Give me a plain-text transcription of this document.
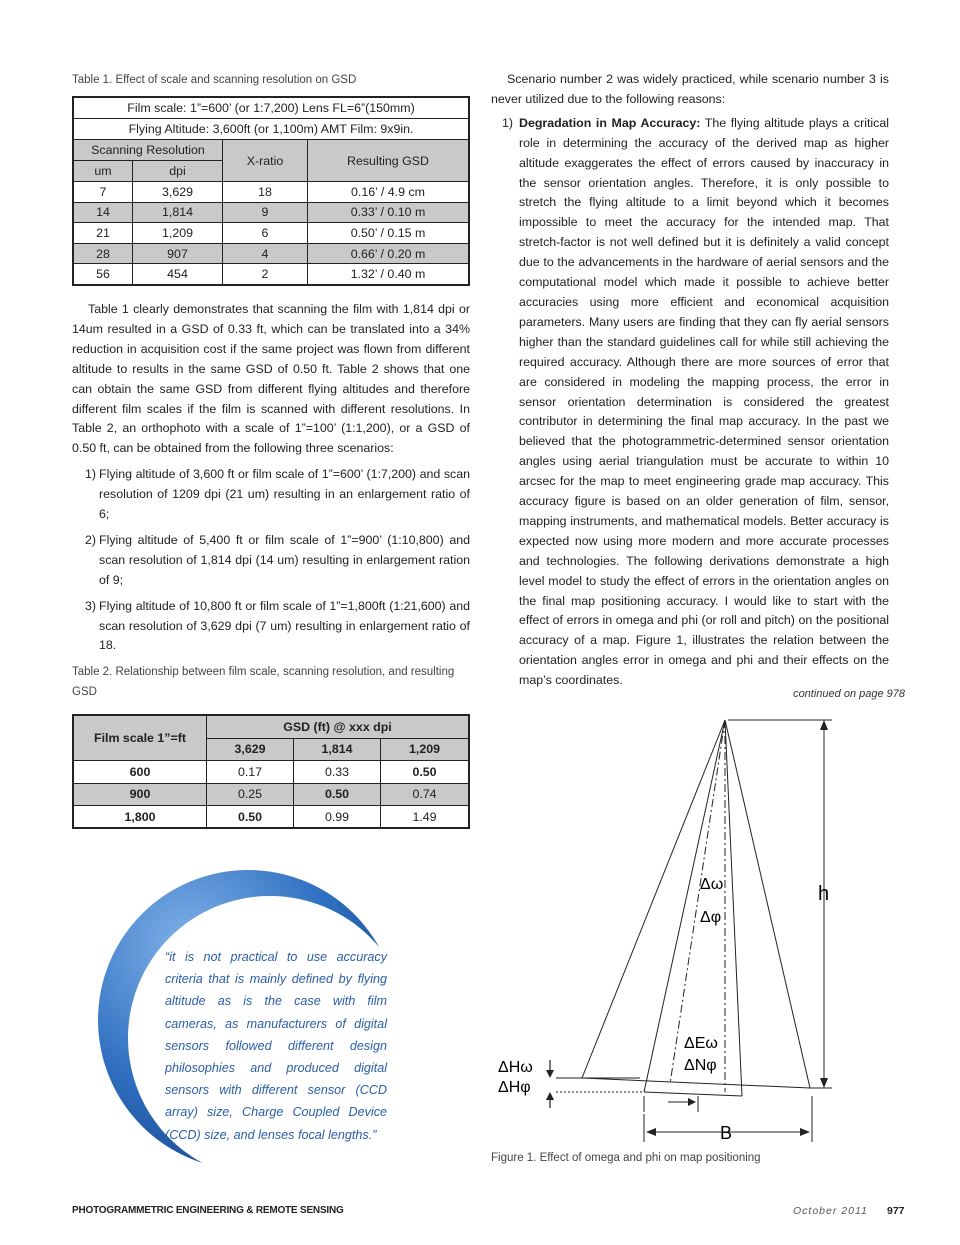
Table 1. Effect of scale and scanning resolution on GSD
Film scale: 1”=600’ (or 1:7,200) Lens FL=6”(150mm)			
Flying Altitude: 3,600ft (or 1,100m) AMT Film: 9x9in.			
Scanning Resolution		X-ratio	Resulting GSD
um	dpi		
7	3,629	18	0.16’ / 4.9 cm
14	1,814	9	0.33’ / 0.10 m
21	1,209	6	0.50’ / 0.15 m
28	907	4	0.66’ / 0.20 m
56	454	2	1.32’ / 0.40 m

Table 1 clearly demonstrates that scanning the film with 1,814 dpi or 14um resulted in a GSD of 0.33 ft, which can be translated into a 34% reduction in acquisition cost if the same project was flown from different altitude to results in the same GSD of 0.50 ft. Table 2 shows that one can obtain the same GSD from different flying altitudes and therefore different film scales if the film is scanned with different resolutions. In Table 2, an orthophoto with a scale of 1”=100’ (1:1,200), or a GSD of 0.50 ft, can be obtained from the following three scenarios:

1) Flying altitude of 3,600 ft or film scale of 1”=600’ (1:7,200) and scan resolution of 1209 dpi (21 um) resulting in an enlargement ratio of 6;
2) Flying altitude of 5,400 ft or film scale of 1”=900’ (1:10,800) and scan resolution of 1,814 dpi (14 um) resulting in enlargement ration of 9;
3) Flying altitude of 10,800 ft or film scale of 1”=1,800ft (1:21,600) and scan resolution of 3,629 dpi (7 um) resulting in enlargement ratio of 18.
Table 2. Relationship between film scale, scanning resolution, and resulting GSD
Film scale 1”=ft	GSD (ft) @ xxx dpi		
	3,629	1,814	1,209
600	0.17	0.33	0.50
900	0.25	0.50	0.74
1,800	0.50	0.99	1.49
“it is not practical to use accuracy criteria that is mainly defined by flying altitude as is the case with film cameras, as manufacturers of digital sensors followed different design philosophies and produced digital sensors with different sensor (CCD array) size, Charge Coupled Device (CCD) size, and lenses focal lengths.”

Scenario number 2 was widely practiced, while scenario number 3 is never utilized due to the following reasons:

1) Degradation in Map Accuracy: The flying altitude plays a critical role in determining the accuracy of the derived map as higher altitude exaggerates the effect of errors caused by inaccuracy in the sensor orientation angles. Therefore, it is only possible to stretch the flying altitude to a limit beyond which it becomes impossible to meet the accuracy for the intended map. That stretch-factor is not well defined but it is definitely a valid concept due to the advancements in the hardware of aerial sensors and the computational model which made it possible to achieve better accuracies using more efficient and economical acquisition parameters. Many users are finding that they can fly aerial sensors higher than the standard guidelines call for while still achieving the required accuracy. Although there are more sources of error that are considered in modeling the mapping process, the error in sensor orientation determination is considered the greatest contributor in determining the final map accuracy. In the past we believed that the photogrammetric-determined sensor orientation angles using aerial triangulation must be accurate to within 10 arcsec for the map to meet engineering grade map accuracy. This accuracy figure is based on an older generation of film, sensor, mapping instruments, and mathematical models. Better accuracy is expected now using more modern and more accurate processes and technologies. The following derivations demonstrate a high level model to study the effect of errors in the orientation angles on the final map positioning accuracy. I would like to start with the effect of errors in omega and phi (or roll and pitch) on the positional accuracy of a map. Figure 1, illustrates the relation between the orientation angles error in omega and phi and their effects on the map’s coordinates.
continued on page 978
h
Δω
Δφ
ΔEω
ΔNφ
ΔHω
ΔHφ
B
Figure 1. Effect of omega and phi on map positioning
PHOTOGRAMMETRIC ENGINEERING & REMOTE SENSING	October 2011 977
